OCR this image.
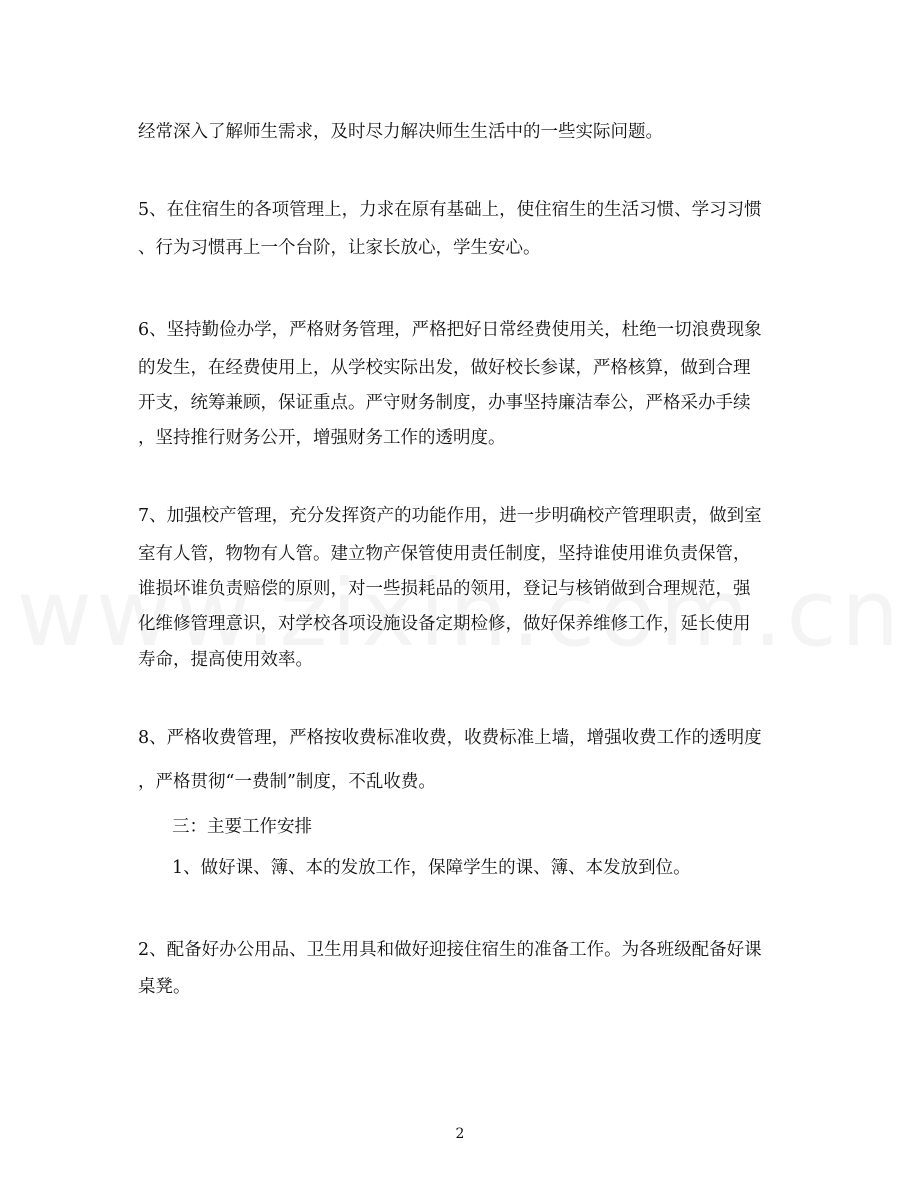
经常深入了解师生需求，及时尽力解决师生生活中的一些实际问题。
5、在住宿生的各项管理上，力求在原有基础上，使住宿生的生活习惯、学习习惯
、行为习惯再上一个台阶，让家长放心，学生安心。
6、坚持勤俭办学，严格财务管理，严格把好日常经费使用关，杜绝一切浪费现象
的发生，在经费使用上，从学校实际出发，做好校长参谋，严格核算，做到合理
开支，统筹兼顾，保证重点。严守财务制度，办事坚持廉洁奉公，严格采办手续
，坚持推行财务公开，增强财务工作的透明度。
7、加强校产管理，充分发挥资产的功能作用，进一步明确校产管理职责，做到室
室有人管，物物有人管。建立物产保管使用责任制度，坚持谁使用谁负责保管，
谁损坏谁负责赔偿的原则，对一些损耗品的领用，登记与核销做到合理规范，强
化维修管理意识，对学校各项设施设备定期检修，做好保养维修工作，延长使用
寿命，提高使用效率。
8、严格收费管理，严格按收费标准收费，收费标准上墙，增强收费工作的透明度
，严格贯彻“一费制”制度，不乱收费。
三：主要工作安排
1、做好课、簿、本的发放工作，保障学生的课、簿、本发放到位。
2、配备好办公用品、卫生用具和做好迎接住宿生的准备工作。为各班级配备好课
桌凳。
2
